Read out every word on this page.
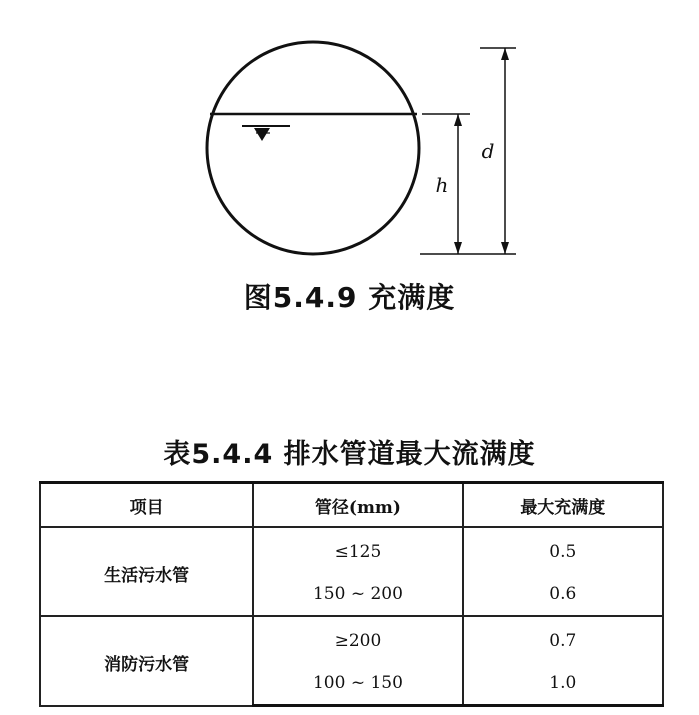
h
d
图5.4.9 充满度
表5.4.4 排水管道最大流满度
项目	管径(mm)	最大充满度
生活污水管	≤125	0.5
	150 ~ 200	0.6
消防污水管	≥200	0.7
	100 ~ 150	1.0
